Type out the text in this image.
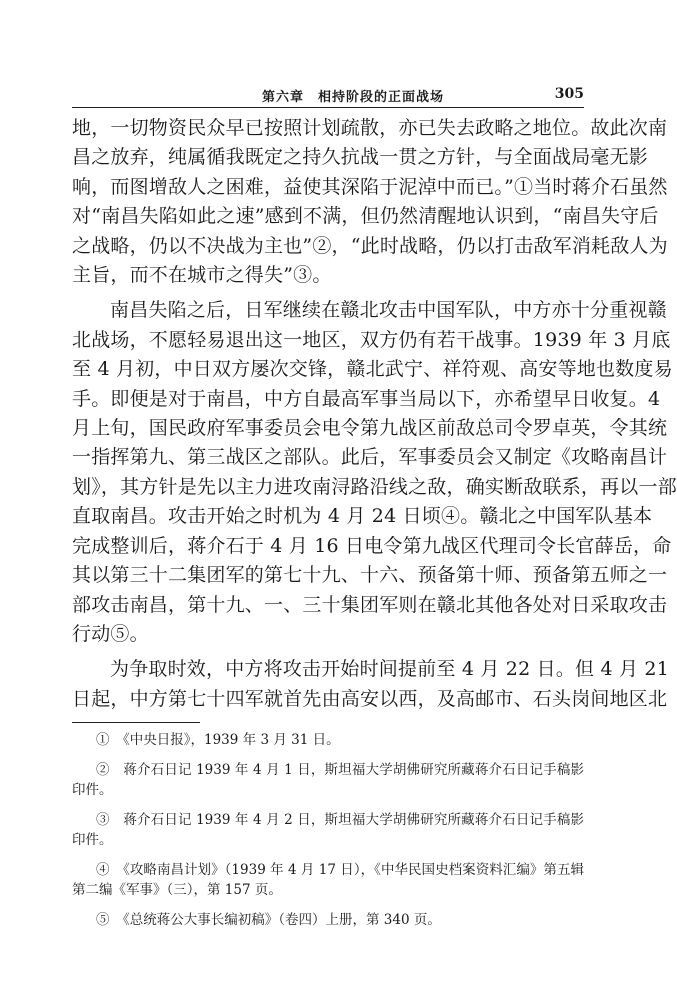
第六章　相持阶段的正面战场	305
地，一切物资民众早已按照计划疏散，亦已失去政略之地位。故此次南
昌之放弃，纯属循我既定之持久抗战一贯之方针，与全面战局毫无影
响，而图增敌人之困难，益使其深陷于泥淖中而已。”①当时蒋介石虽然
对“南昌失陷如此之速”感到不满，但仍然清醒地认识到，“南昌失守后
之战略，仍以不决战为主也”②，“此时战略，仍以打击敌军消耗敌人为
主旨，而不在城市之得失”③。
南昌失陷之后，日军继续在赣北攻击中国军队，中方亦十分重视赣
北战场，不愿轻易退出这一地区，双方仍有若干战事。1939 年 3 月底
至 4 月初，中日双方屡次交锋，赣北武宁、祥符观、高安等地也数度易
手。即便是对于南昌，中方自最高军事当局以下，亦希望早日收复。4
月上旬，国民政府军事委员会电令第九战区前敌总司令罗卓英，令其统
一指挥第九、第三战区之部队。此后，军事委员会又制定《攻略南昌计
划》，其方针是先以主力进攻南浔路沿线之敌，确实断敌联系，再以一部
直取南昌。攻击开始之时机为 4 月 24 日顷④。赣北之中国军队基本
完成整训后，蒋介石于 4 月 16 日电令第九战区代理司令长官薛岳，命
其以第三十二集团军的第七十九、十六、预备第十师、预备第五师之一
部攻击南昌，第十九、一、三十集团军则在赣北其他各处对日采取攻击
行动⑤。
为争取时效，中方将攻击开始时间提前至 4 月 22 日。但 4 月 21
日起，中方第七十四军就首先由高安以西，及高邮市、石头岗间地区北
①　《中央日报》，1939 年 3 月 31 日。
②　蒋介石日记 1939 年 4 月 1 日，斯坦福大学胡佛研究所藏蒋介石日记手稿影
印件。
③　蒋介石日记 1939 年 4 月 2 日，斯坦福大学胡佛研究所藏蒋介石日记手稿影
印件。
④　《攻略南昌计划》（1939 年 4 月 17 日），《中华民国史档案资料汇编》第五辑
第二编《军事》（三），第 157 页。
⑤　《总统蒋公大事长编初稿》（卷四）上册，第 340 页。
